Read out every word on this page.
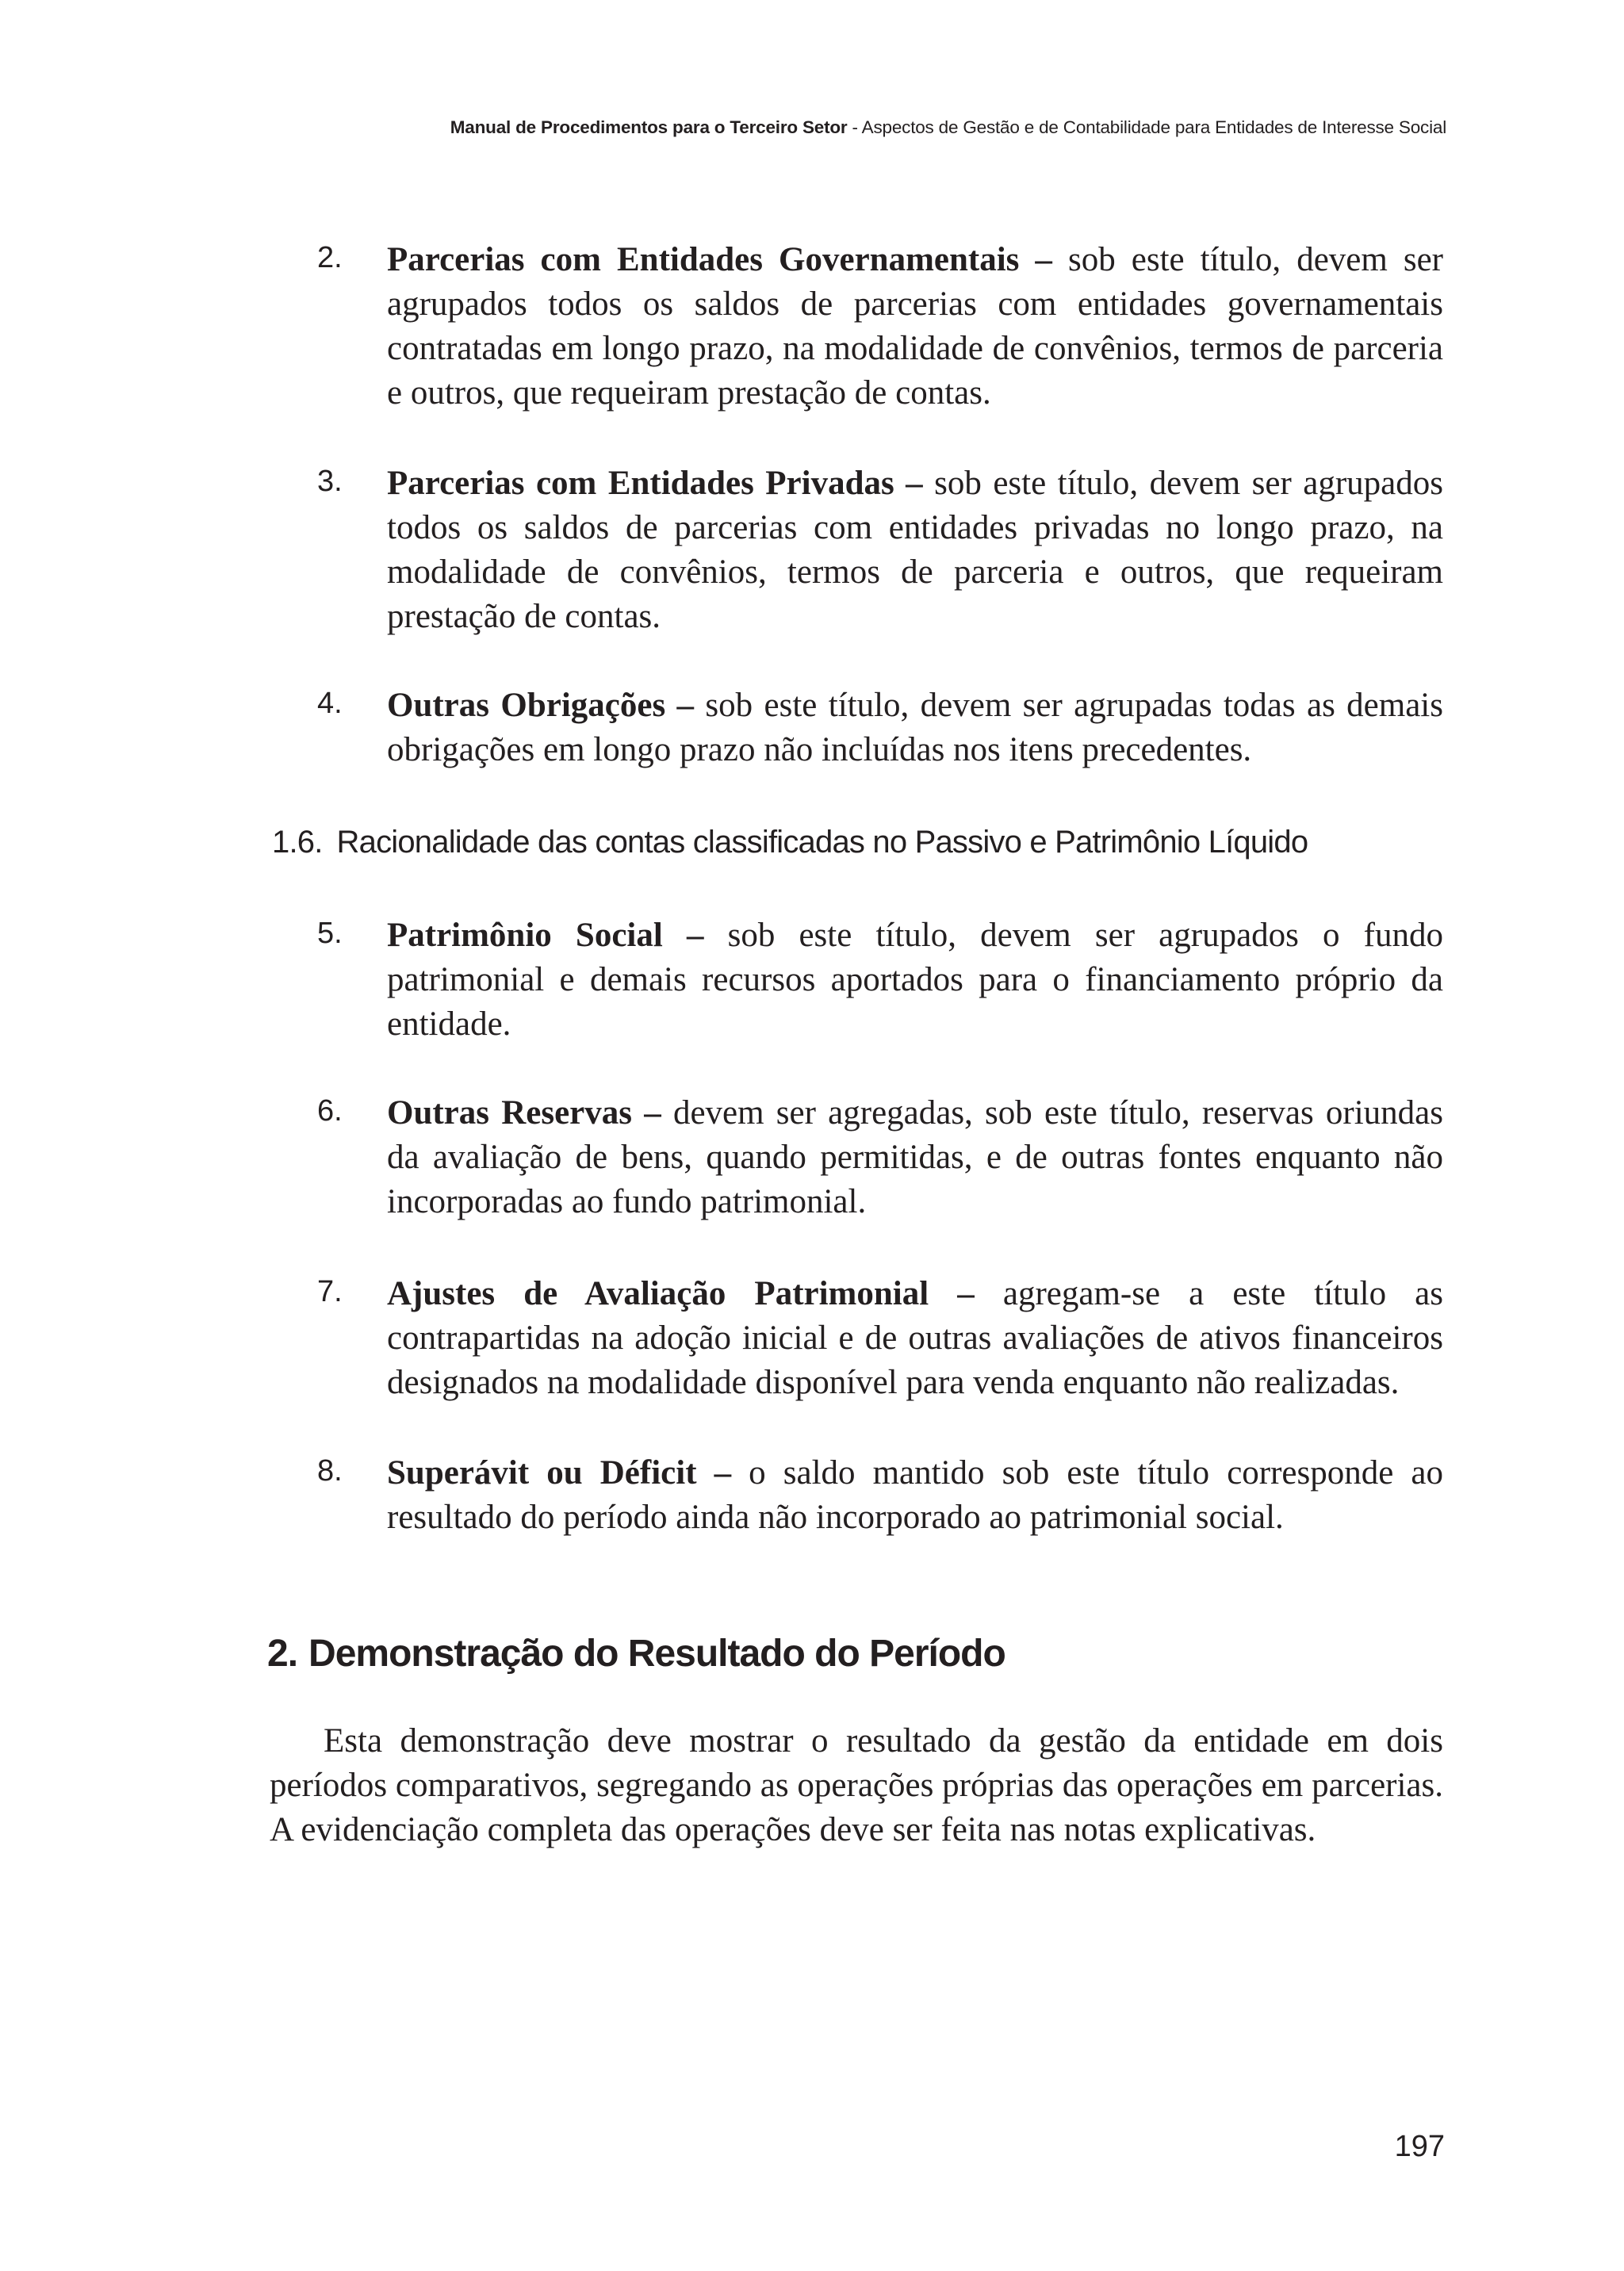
Manual de Procedimentos para o Terceiro Setor - Aspectos de Gestão e de Contabilidade para Entidades de Interesse Social
2. Parcerias com Entidades Governamentais – sob este título, devem ser agrupados todos os saldos de parcerias com entidades governamentais contratadas em longo prazo, na modalidade de convênios, termos de parceria e outros, que requeiram prestação de contas.
3. Parcerias com Entidades Privadas – sob este título, devem ser agrupados todos os saldos de parcerias com entidades privadas no longo prazo, na modalidade de convênios, termos de parceria e outros, que requeiram prestação de contas.
4. Outras Obrigações – sob este título, devem ser agrupadas todas as demais obrigações em longo prazo não incluídas nos itens precedentes.
1.6. Racionalidade das contas classificadas no Passivo e Patrimônio Líquido
5. Patrimônio Social – sob este título, devem ser agrupados o fundo patrimonial e demais recursos aportados para o financiamento próprio da entidade.
6. Outras Reservas – devem ser agregadas, sob este título, reservas oriundas da avaliação de bens, quando permitidas, e de outras fontes enquanto não incorporadas ao fundo patrimonial.
7. Ajustes de Avaliação Patrimonial – agregam-se a este título as contrapartidas na adoção inicial e de outras avaliações de ativos financeiros designados na modalidade disponível para venda enquanto não realizadas.
8. Superávit ou Déficit – o saldo mantido sob este título corresponde ao resultado do período ainda não incorporado ao patrimonial social.
2. Demonstração do Resultado do Período
Esta demonstração deve mostrar o resultado da gestão da entidade em dois períodos comparativos, segregando as operações próprias das operações em parcerias. A evidenciação completa das operações deve ser feita nas notas explicativas.
197
